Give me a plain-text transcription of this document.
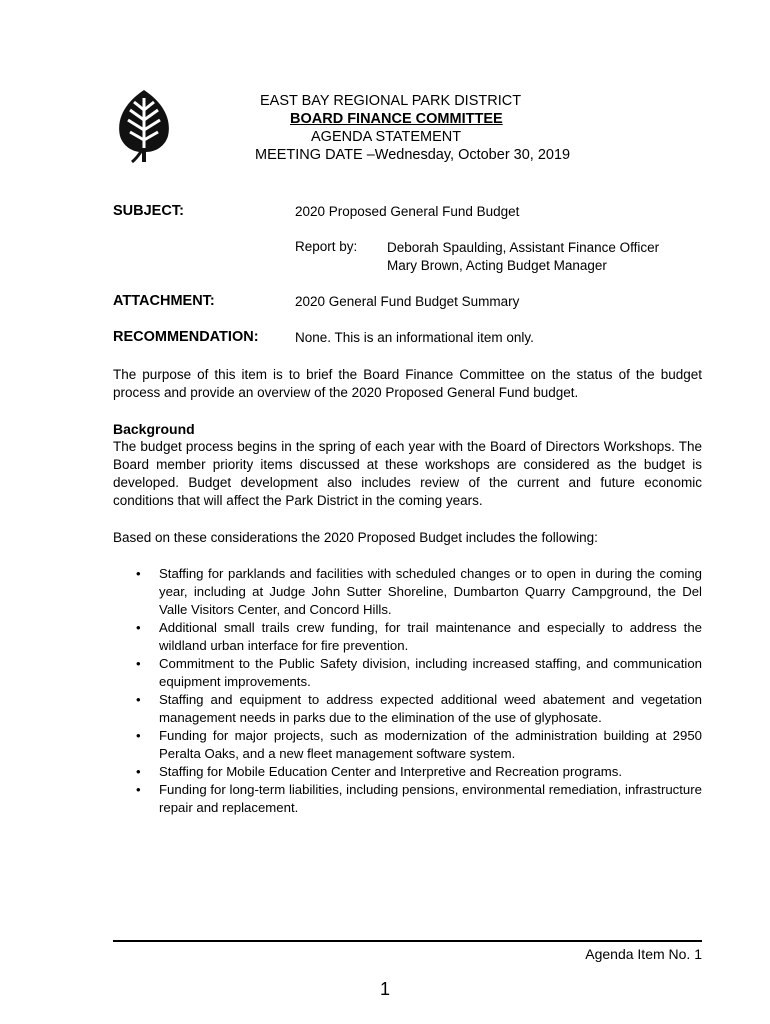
EAST BAY REGIONAL PARK DISTRICT
BOARD FINANCE COMMITTEE
AGENDA STATEMENT
MEETING DATE –Wednesday, October 30, 2019
SUBJECT:	2020 Proposed General Fund Budget
Report by: Deborah Spaulding, Assistant Finance Officer
Mary Brown, Acting Budget Manager
ATTACHMENT:	2020 General Fund Budget Summary
RECOMMENDATION:	None. This is an informational item only.
The purpose of this item is to brief the Board Finance Committee on the status of the budget process and provide an overview of the 2020 Proposed General Fund budget.
Background
The budget process begins in the spring of each year with the Board of Directors Workshops. The Board member priority items discussed at these workshops are considered as the budget is developed. Budget development also includes review of the current and future economic conditions that will affect the Park District in the coming years.
Based on these considerations the 2020 Proposed Budget includes the following:
• Staffing for parklands and facilities with scheduled changes or to open in during the coming year, including at Judge John Sutter Shoreline, Dumbarton Quarry Campground, the Del Valle Visitors Center, and Concord Hills.
• Additional small trails crew funding, for trail maintenance and especially to address the wildland urban interface for fire prevention.
• Commitment to the Public Safety division, including increased staffing, and communication equipment improvements.
• Staffing and equipment to address expected additional weed abatement and vegetation management needs in parks due to the elimination of the use of glyphosate.
• Funding for major projects, such as modernization of the administration building at 2950 Peralta Oaks, and a new fleet management software system.
• Staffing for Mobile Education Center and Interpretive and Recreation programs.
• Funding for long-term liabilities, including pensions, environmental remediation, infrastructure repair and replacement.
Agenda Item No. 1
1
